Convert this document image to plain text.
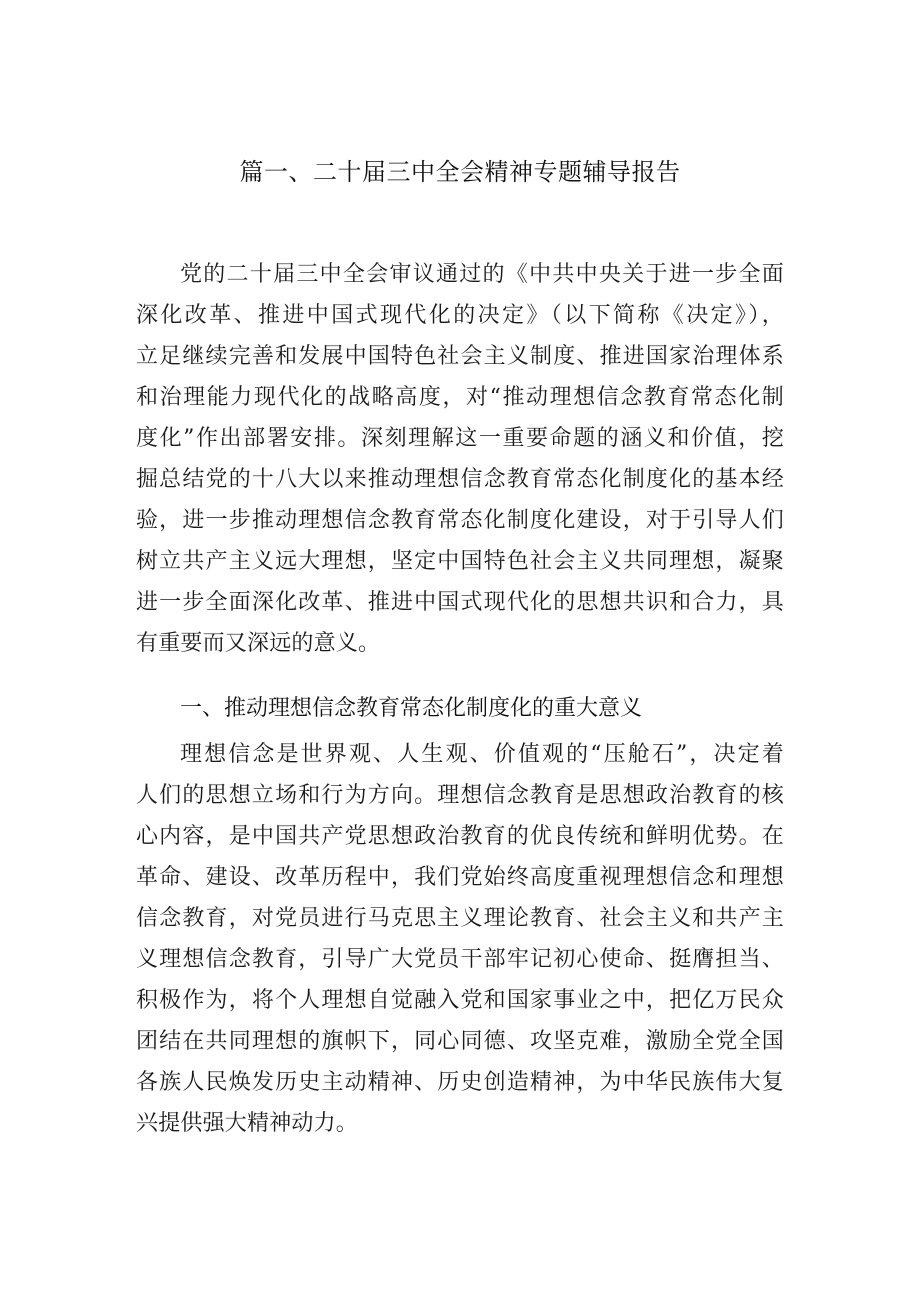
篇一、二十届三中全会精神专题辅导报告
党的二十届三中全会审议通过的《中共中央关于进一步全面
深化改革、推进中国式现代化的决定》（以下简称《决定》），
立足继续完善和发展中国特色社会主义制度、推进国家治理体系
和治理能力现代化的战略高度，对“推动理想信念教育常态化制
度化”作出部署安排。深刻理解这一重要命题的涵义和价值，挖
掘总结党的十八大以来推动理想信念教育常态化制度化的基本经
验，进一步推动理想信念教育常态化制度化建设，对于引导人们
树立共产主义远大理想，坚定中国特色社会主义共同理想，凝聚
进一步全面深化改革、推进中国式现代化的思想共识和合力，具
有重要而又深远的意义。
一、推动理想信念教育常态化制度化的重大意义
理想信念是世界观、人生观、价值观的“压舱石”，决定着
人们的思想立场和行为方向。理想信念教育是思想政治教育的核
心内容，是中国共产党思想政治教育的优良传统和鲜明优势。在
革命、建设、改革历程中，我们党始终高度重视理想信念和理想
信念教育，对党员进行马克思主义理论教育、社会主义和共产主
义理想信念教育，引导广大党员干部牢记初心使命、挺膺担当、
积极作为，将个人理想自觉融入党和国家事业之中，把亿万民众
团结在共同理想的旗帜下，同心同德、攻坚克难，激励全党全国
各族人民焕发历史主动精神、历史创造精神，为中华民族伟大复
兴提供强大精神动力。
